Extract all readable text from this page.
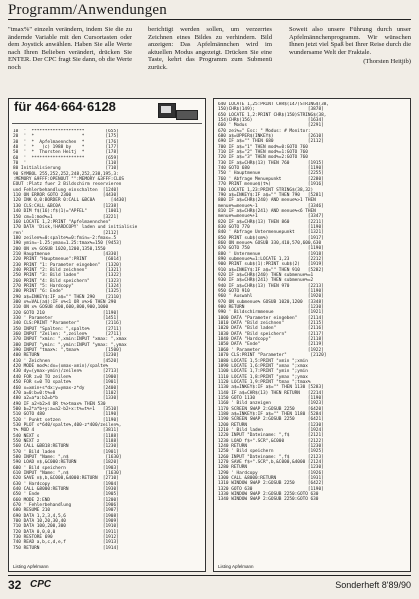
Programm/Anwendungen

"tmax%" einzeln verändern, indem Sie die zu ändernde Variable mit den Cursortasten oder dem Joystick anwählen. Haben Sie alle Werte nach Ihren Belieben verändert, drücken Sie ENTER. Der CPC fragt Sie dann, ob die Werte noch

berichtigt werden sollen, um verzerrtes Zeichnen eines Bildes zu verhindern. Bild anzeigen: Das Apfelmännchen wird im aktuellen Modus angezeigt. Drücken Sie eine Taste, kehrt das Programm zum Submenü zurück.

Soweit also unsere Führung durch unser Apfelmännchenprogramm. Wir wünschen Ihnen jetzt viel Spaß bei Ihrer Reise durch die wundersame Welt der Fraktale.

(Thorsten Heitjib)

für 464·664·6128
10  '  ********************        [655]
20  '  *                  *        [175]
30  '  *  Apfelmaennchen  *        [176]
40  '  *   (c) 1988 by    *        [177]
50  '  *  Thorsten Heitj  *        [178]
60  '  ********************        [659]
70  '                              [110]
80 Initialisierung                 [710]
90 SYMBOL 255,252,252,248,252,238,195,3:
:MEMORY &9FFF:OPENOUT "":MEMORY &3FFF:CLOS
EOUT :Platz fuer 2 Bildschirm reservieren
und Fehlerbehandlung einschalten  [1240]
110 ON ERROR GOTO 2300            [4430]
120 INK 0,0:BORDER 0:CALL &BC0A      [4430]
130 CLS:CALL &BC0A                [1238]
140 DIM f$(16):f$(1)="APFEL"       [1001]
150 cm=1:mod%=1                   [3221]
160 LOCATE 1,2:PRINT "Apfelmaennchen"
170 DATA 'Disk,!HARDCOPY' laden und initialisie
ren'                              [2112]
180 zeilen%=0:spalte%=0:fmin=-2:fmax=.5
190 ymin=-1.25:ymax=1.25:tmax%=150 [9453]
200 ON x% GOSUB 1020,1200,1350,1550
210 Hauptmenue                    [4330]
220 PRINT "Hauptmenue":PRINT       [6014]
230 PRINT "1: Parameter eingeben"  [1320]
240 PRINT "2: Bild zeichnen"       [1321]
250 PRINT "3: Bild laden"          [1322]
260 PRINT "4: Bild speichern"      [1323]
270 PRINT "5: Hardcopy"            [1324]
280 PRINT "6: Ende"                [1325]
290 a$=INKEY$:IF a$="" THEN 290    [2110]
300 x%=VAL(a$):IF x%<1 OR x%>6 THEN 290
310 ON x% GOSUB 400,600,800,900,1000
320 GOTO 210                      [1190]
330 ' Parameter                   [1451]
340 CLS:PRINT "Parameter"          [2116]
350 INPUT "Spalten: ",spalte%      [2711]
360 INPUT "Zeilen: ",zeilen%       [2711]
370 INPUT "xmin: ",xmin:INPUT "xmax: ",xmax
380 INPUT "ymin: ",ymin:INPUT "ymax: ",ymax
390 INPUT "tmax%: ",tmax%          [1500]
400 RETURN                        [1230]
410 ' Zeichnen                    [4520]
420 MODE mod%:dx=(xmax-xmin)/spalte%
430 dy=(ymax-ymin)/zeilen%        [2713]
440 FOR z=0 TO zeilen%            [1900]
450 FOR s=0 TO spalte%            [1901]
460 x=xmin+s*dx:y=ymax-z*dy       [2400]
470 a=0:b=0:t%=0                  [1102]
480 a2=a*a:b2=b*b                 [1330]
490 IF a2+b2>4 OR t%>tmax% THEN 530
500 b=2*a*b+y:a=a2-b2+x:t%=t%+1   [3510]
510 GOTO 480                      [1190]
520 ' Punkt setzen                [1190]
530 PLOT s*640/spalte%,400-z*400/zeilen%,
t% MOD 4                          [3811]
540 NEXT s                        [1188]
550 NEXT z                        [1188]
560 CALL &BB18:RETURN             [1230]
570 ' Bild laden                  [1901]
580 INPUT "Name: ",n$              [1630]
590 LOAD n$,&C000:RETURN          [1820]
600 ' Bild speichern              [1903]
610 INPUT "Name: ",n$              [1630]
620 SAVE n$,b,&C000,&4000:RETURN  [2710]
630 ' Hardcopy                    [1904]
640 CALL &8000:RETURN             [1930]
650 ' Ende                        [1905]
660 MODE 2:END                    [1200]
670 ' Fehlerbehandlung            [1906]
680 RESUME 210                    [1907]
690 DATA 1,2,3,4,5,6              [1908]
700 DATA 10,20,30,40              [1909]
710 DATA 100,200,300              [1910]
720 DATA 0,0,0,0                  [1911]
730 RESTORE 690                   [1912]
740 READ a,b,c,d,e,f              [1913]
750 RETURN                        [1914]
Listing Apfelmann
640 LOCATE 1,25:PRINT CHR$(147)STRING$(38,
150)CHR$(149);                    [3878]
650 LOCATE 1,2:PRINT CHR$(150)STRING$(38,
154)CHR$(156)                     [1634]
660 ' Modus                       [2291]
670 zei%=" Esc: " Modus: # Monitor:
680 a$=UPPER$(INKEY$)             [2610]
690 IF a$="" THEN 680             [2112]
700 IF a$="1" THEN mod%=0:GOTO 760
710 IF a$="2" THEN mod%=1:GOTO 760
720 IF a$="3" THEN mod%=2:GOTO 760
730 IF a$=CHR$(13) THEN 760       [1915]
740 GOTO 680                      [1190]
750 ' Hauptmenue                  [2255]
760 ' Abfrage Menuepunkt          [2280]
770 PRINT menue$(t%)              [1916]
780 LOCATE 1,23:PRINT STRING$(38,32)
790 a$=INKEY$:IF a$="" THEN 790   [5281]
800 IF a$=CHR$(240) AND menue%>1 THEN
menue%=menue%-1                   [3346]
810 IF a$=CHR$(241) AND menue%<6 THEN
menue%=menue%+1                   [3347]
820 IF a$=CHR$(13) THEN 860       [2211]
830 GOTO 770                      [1190]
840 ' Abfrage Untermenuepunkt     [1321]
850 PRINT sub$(sm%)               [1917]
860 ON menue% GOSUB 330,410,570,600,630
870 GOTO 750                      [1190]
880 ' Untermenue                  [1918]
890 submenue%=1:LOCATE 1,23       [2212]
900 PRINT sub$(1):PRINT sub$(2)   [1919]
910 a$=INKEY$:IF a$="" THEN 910   [5282]
920 IF a$=CHR$(240) THEN submenue%=1
930 IF a$=CHR$(241) THEN submenue%=2
940 IF a$=CHR$(13) THEN 970       [2213]
950 GOTO 910                      [1190]
960 ' Auswahl                     [1920]
970 ON submenue% GOSUB 1020,1200  [3348]
980 RETURN                        [1230]
990 ' Bildschirmmenue             [1921]
1000 DATA "Parameter eingeben"    [2114]
1010 DATA "Bild zeichnen"         [2115]
1020 DATA "Bild laden"            [2116]
1030 DATA "Bild speichern"        [2117]
1040 DATA "Hardcopy"              [2118]
1050 DATA "Ende"                  [2119]
1060 ' Parameter                  [1922]
1070 CLS:PRINT "Parameter"         [2120]
1080 LOCATE 1,5:PRINT "xmin ";xmin
1090 LOCATE 1,6:PRINT "xmax ";xmax
1100 LOCATE 1,7:PRINT "ymin ";ymin
1110 LOCATE 1,8:PRINT "ymax ";ymax
1120 LOCATE 1,9:PRINT "tmax ";tmax%
1130 a$=INKEY$:IF a$="" THEN 1130 [5283]
1140 IF a$=CHR$(13) THEN RETURN   [2214]
1150 GOTO 1130                    [1190]
1160 ' Bild anzeigen              [1923]
1170 SCREEN SWAP 2:GOSUB 2250     [6420]
1180 a$=INKEY$:IF a$="" THEN 1180 [5284]
1190 SCREEN SWAP 2:GOSUB 2250     [6421]
1200 RETURN                       [1230]
1210 ' Bild laden                 [1924]
1220 INPUT "Dateiname: ",f$       [2121]
1230 LOAD f$+".SCR",&C000         [2122]
1240 RETURN                       [1230]
1250 ' Bild speichern             [1925]
1260 INPUT "Dateiname: ",f$       [2123]
1270 SAVE f$+".SCR",b,&C000,&4000 [2124]
1280 RETURN                       [1230]
1290 ' Hardcopy                   [1926]
1300 CALL &8000:RETURN            [1931]
1310 WINDOW SWAP 2:GOSUB 2250     [6422]
1320 GOTO 630                     [1190]
1330 WINDOW SWAP 2:GOSUB 2250:GOTO 630
1340 WINDOW SWAP 2:GOSUB 2250:GOTO 630
Listing Apfelmann
32 CPC	Sonderheft 8'89/90
